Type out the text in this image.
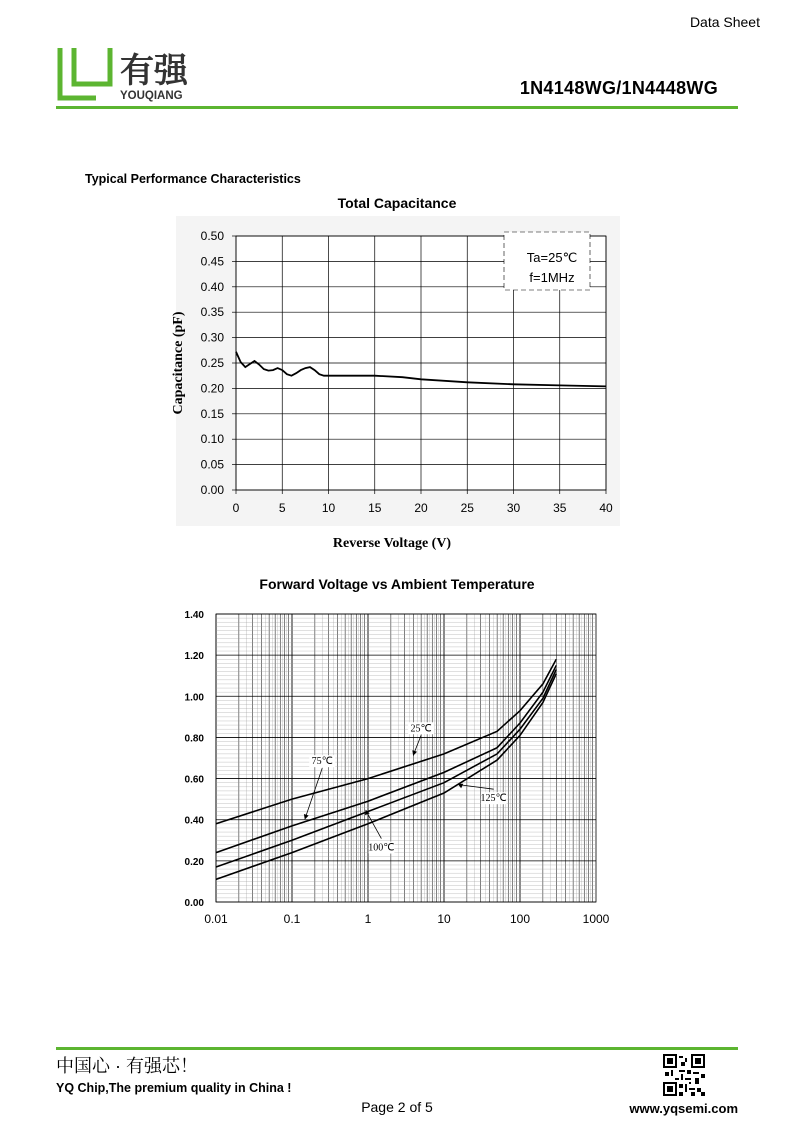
Data Sheet
有强
YOUQIANG	1N4148WG/1N4448WG
Typical Performance Characteristics
Total Capacitance
0	5	10	15	20	25	30	35	40
0.00
0.05
0.10
0.15
0.20
0.25
0.30
0.35
0.40
0.45
0.50
Ta=25℃
f=1MHz
Reverse Voltage (V)
Capacitance (pF)
Forward Voltage vs Ambient Temperature
0.01	0.1	1	10	100	1000
0.00
0.20
0.40
0.60
0.80
1.00
1.20
1.40
25℃
75℃
100℃
125℃
中国心 · 有强芯！
YQ Chip,The premium quality in China !
Page 2 of 5	www.yqsemi.com
